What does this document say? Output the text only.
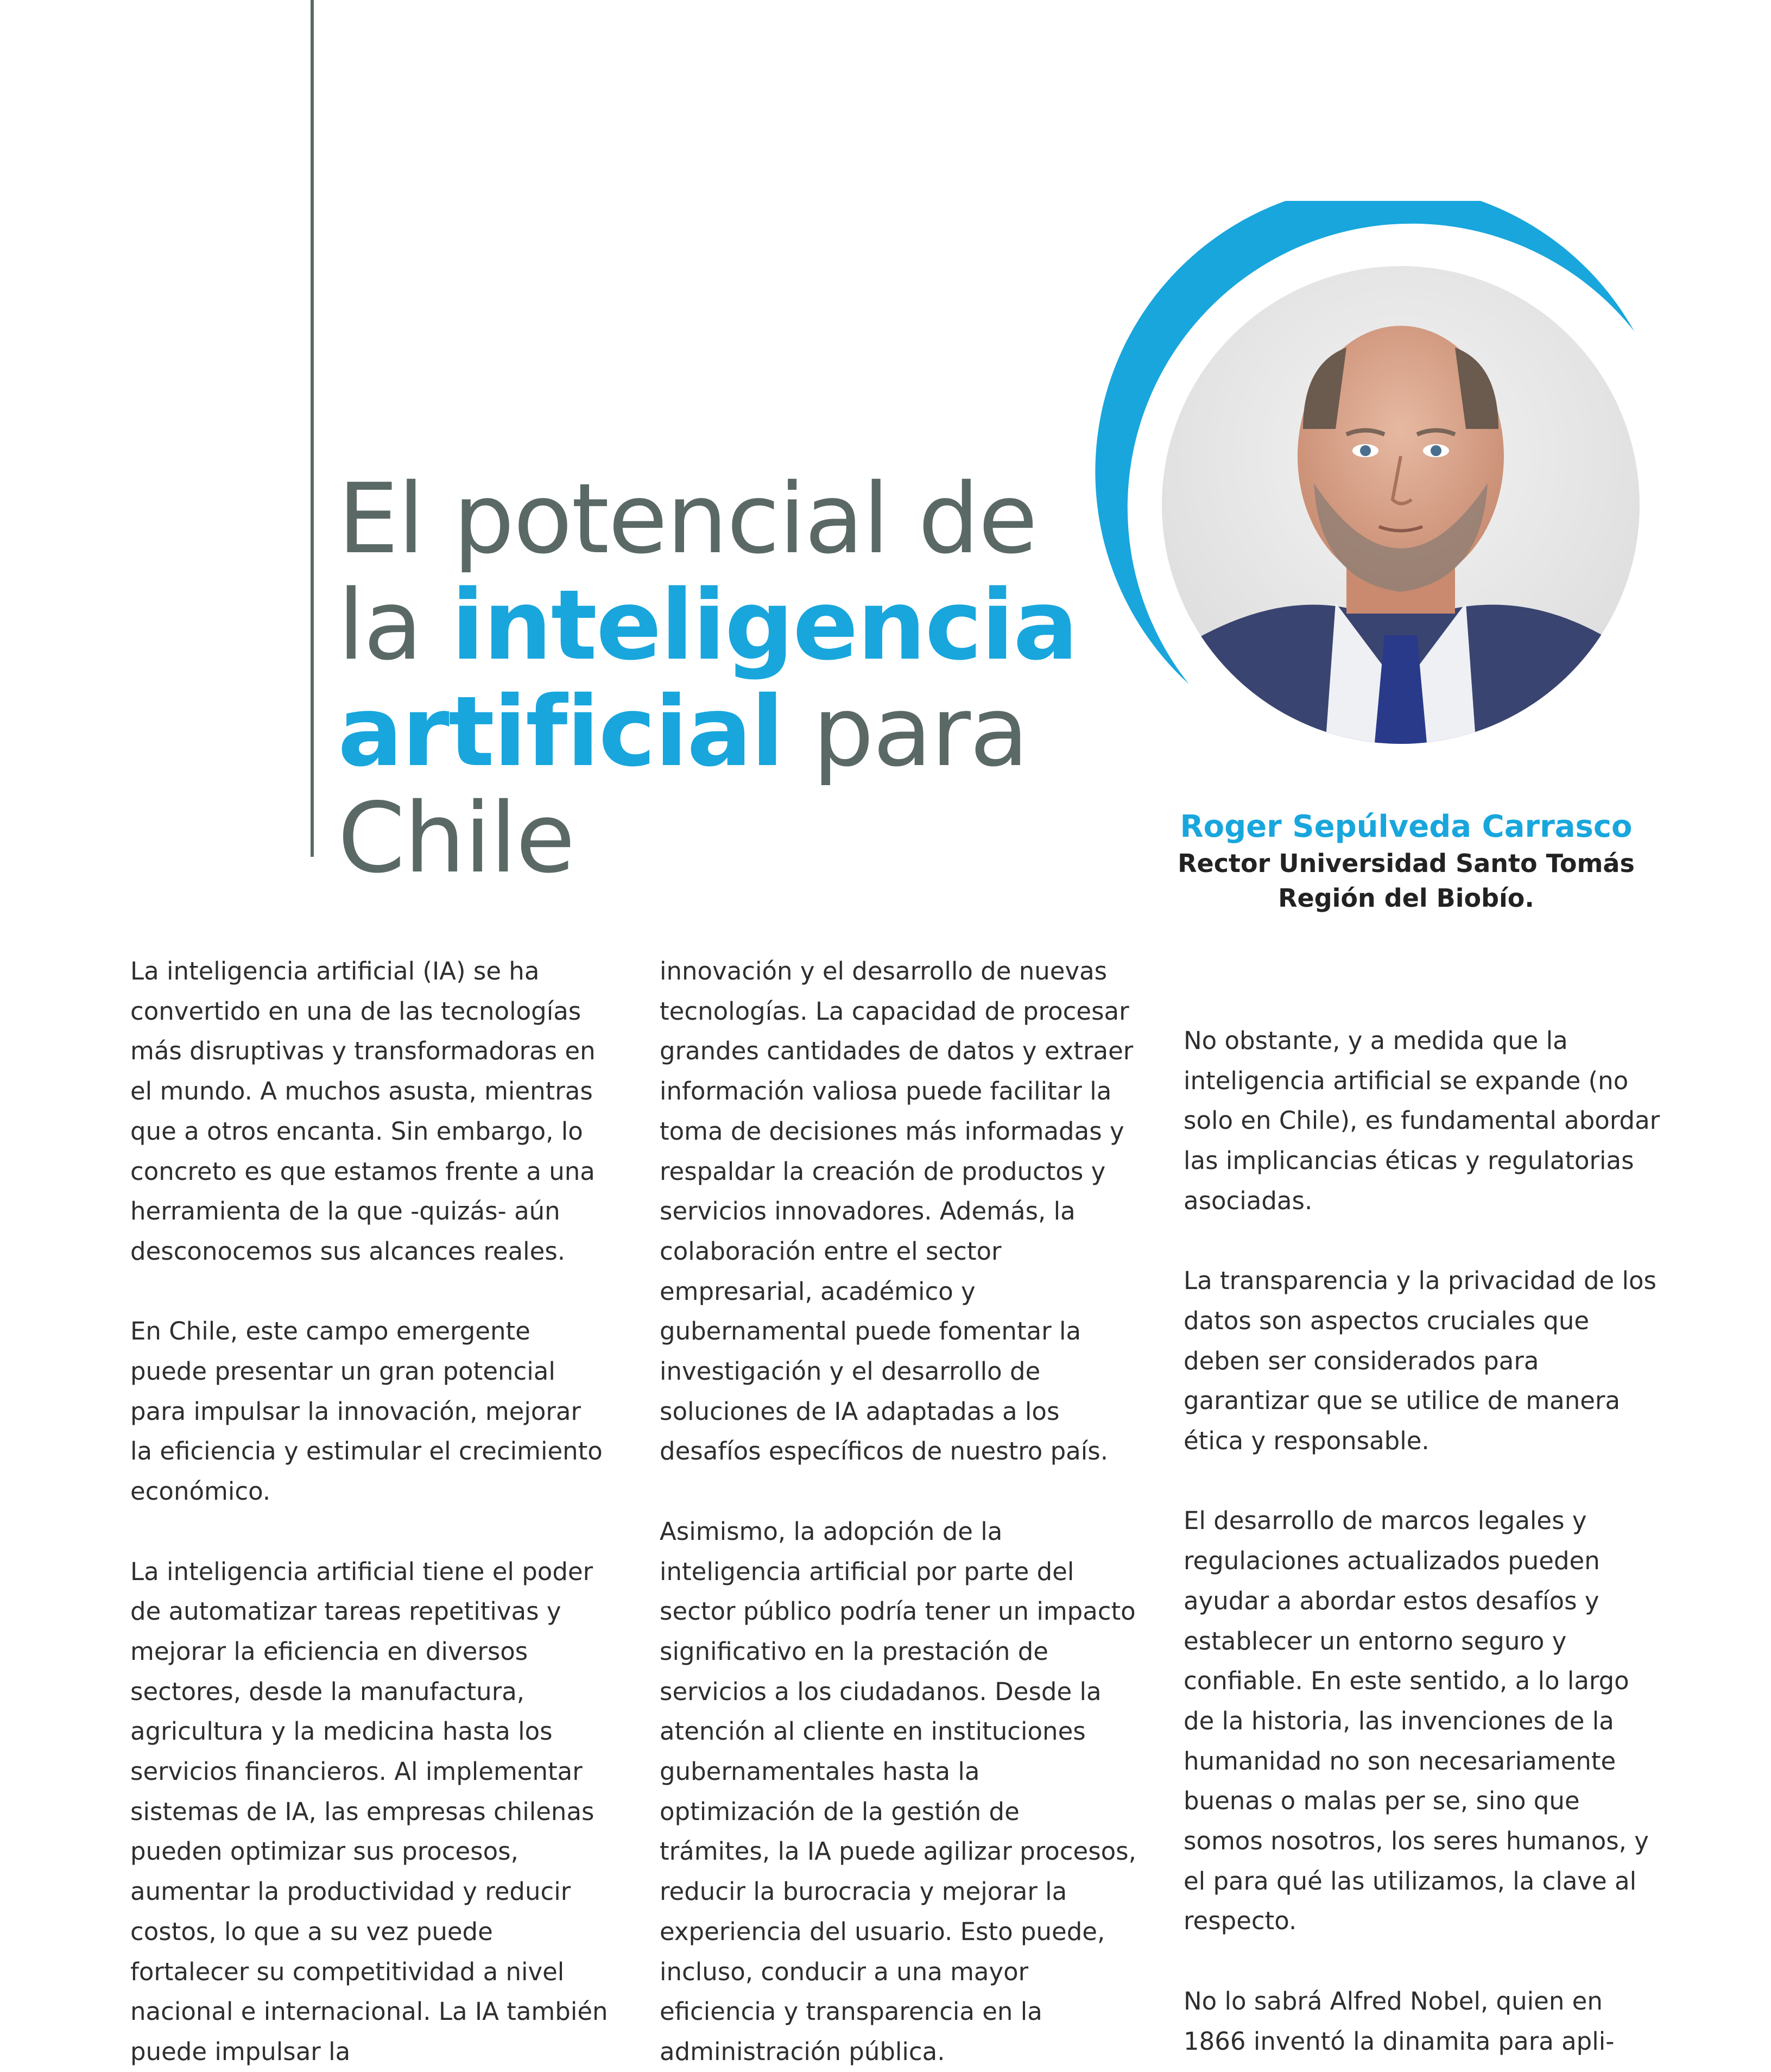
El potencial de
la inteligencia
artificial para
Chile	Roger Sepúlveda Carrasco
Rector Universidad Santo Tomás
Región del Biobío.

La inteligencia artificial (IA) se ha convertido en una de las tecnologías más disruptivas y transformadoras en el mundo. A muchos asusta, mientras que a otros encanta. Sin embargo, lo concreto es que estamos frente a una herramienta de la que -quizás- aún desconocemos sus alcances reales.

En Chile, este campo emergente puede presentar un gran potencial para impulsar la innovación, mejorar la eficiencia y estimular el crecimiento económico.

La inteligencia artificial tiene el poder de automatizar tareas repetitivas y mejorar la eficiencia en diversos sectores, desde la manufactura, agricultura y la medicina hasta los servicios financieros. Al implementar sistemas de IA, las empresas chilenas pueden optimizar sus procesos, aumentar la productividad y reducir costos, lo que a su vez puede fortalecer su competitividad a nivel nacional e internacional. La IA también puede impulsar la

innovación y el desarrollo de nuevas tecnologías. La capacidad de procesar grandes cantidades de datos y extraer información valiosa puede facilitar la toma de decisiones más informadas y respaldar la creación de productos y servicios innovadores. Además, la colaboración entre el sector empresarial, académico y gubernamental puede fomentar la investigación y el desarrollo de soluciones de IA adaptadas a los desafíos específicos de nuestro país.

Asimismo, la adopción de la inteligencia artificial por parte del sector público podría tener un impacto significativo en la prestación de servicios a los ciudadanos. Desde la atención al cliente en instituciones gubernamentales hasta la optimización de la gestión de trámites, la IA puede agilizar procesos, reducir la burocracia y mejorar la experiencia del usuario. Esto puede, incluso, conducir a una mayor eficiencia y transparencia en la administración pública.

No obstante, y a medida que la inteligencia artificial se expande (no solo en Chile), es fundamental abordar las implicancias éticas y regulatorias asociadas.

La transparencia y la privacidad de los datos son aspectos cruciales que deben ser considerados para garantizar que se utilice de manera ética y responsable.

El desarrollo de marcos legales y regulaciones actualizados pueden ayudar a abordar estos desafíos y establecer un entorno seguro y confiable. En este sentido, a lo largo de la historia, las invenciones de la humanidad no son necesariamente buenas o malas per se, sino que somos nosotros, los seres humanos, y el para qué las utilizamos, la clave al respecto.

No lo sabrá Alfred Nobel, quien en 1866 inventó la dinamita para apli-
